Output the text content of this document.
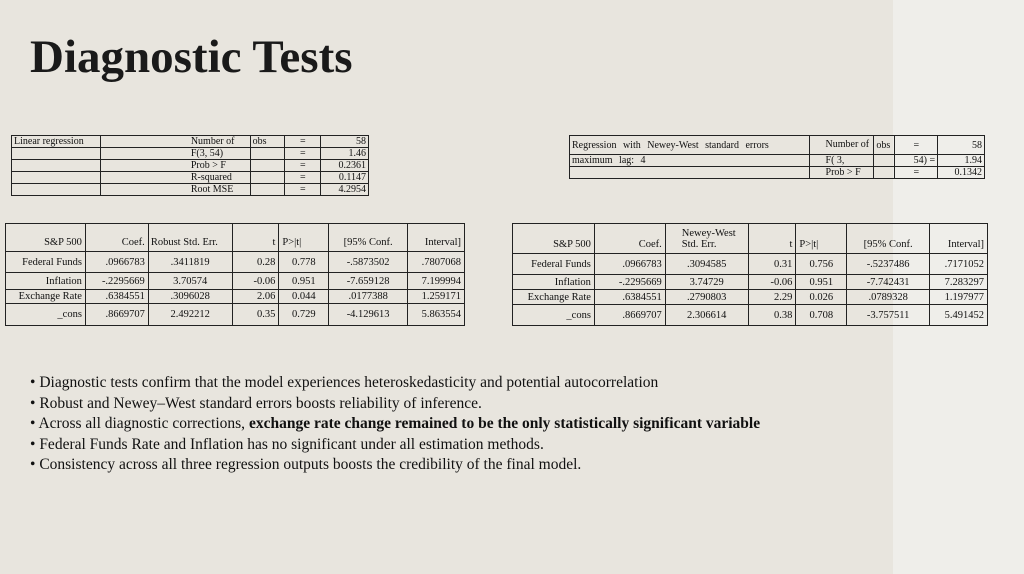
Diagnostic Tests
Linear regression	Number of	obs	=	58
	F(3, 54)		=	1.46
	Prob > F		=	0.2361
	R-squared		=	0.1147
	Root MSE		=	4.2954
S&P 500	Coef.	Robust Std. Err.	t	P>|t|	[95% Conf.	Interval]
Federal Funds	.0966783	.3411819	0.28	0.778	-.5873502	.7807068
Inflation	-.2295669	3.70574	-0.06	0.951	-7.659128	7.199994
Exchange Rate	.6384551	.3096028	2.06	0.044	.0177388	1.259171
_cons	.8669707	2.492212	0.35	0.729	-4.129613	5.863554
Regression with Newey-West standard errors	Number of	obs	=	58
maximum lag: 4	F( 3,		54) =	1.94
	Prob > F		=	0.1342
S&P 500	Coef.	Newey-West Std. Err.	t	P>|t|	[95% Conf.	Interval]
Federal Funds	.0966783	.3094585	0.31	0.756	-.5237486	.7171052
Inflation	-.2295669	3.74729	-0.06	0.951	-7.742431	7.283297
Exchange Rate	.6384551	.2790803	2.29	0.026	.0789328	1.197977
_cons	.8669707	2.306614	0.38	0.708	-3.757511	5.491452
• Diagnostic tests confirm that the model experiences heteroskedasticity and potential autocorrelation
• Robust and Newey–West standard errors boosts reliability of inference.
• Across all diagnostic corrections, exchange rate change remained to be the only statistically significant variable
• Federal Funds Rate and Inflation has no significant under all estimation methods.
• Consistency across all three regression outputs boosts the credibility of the final model.
